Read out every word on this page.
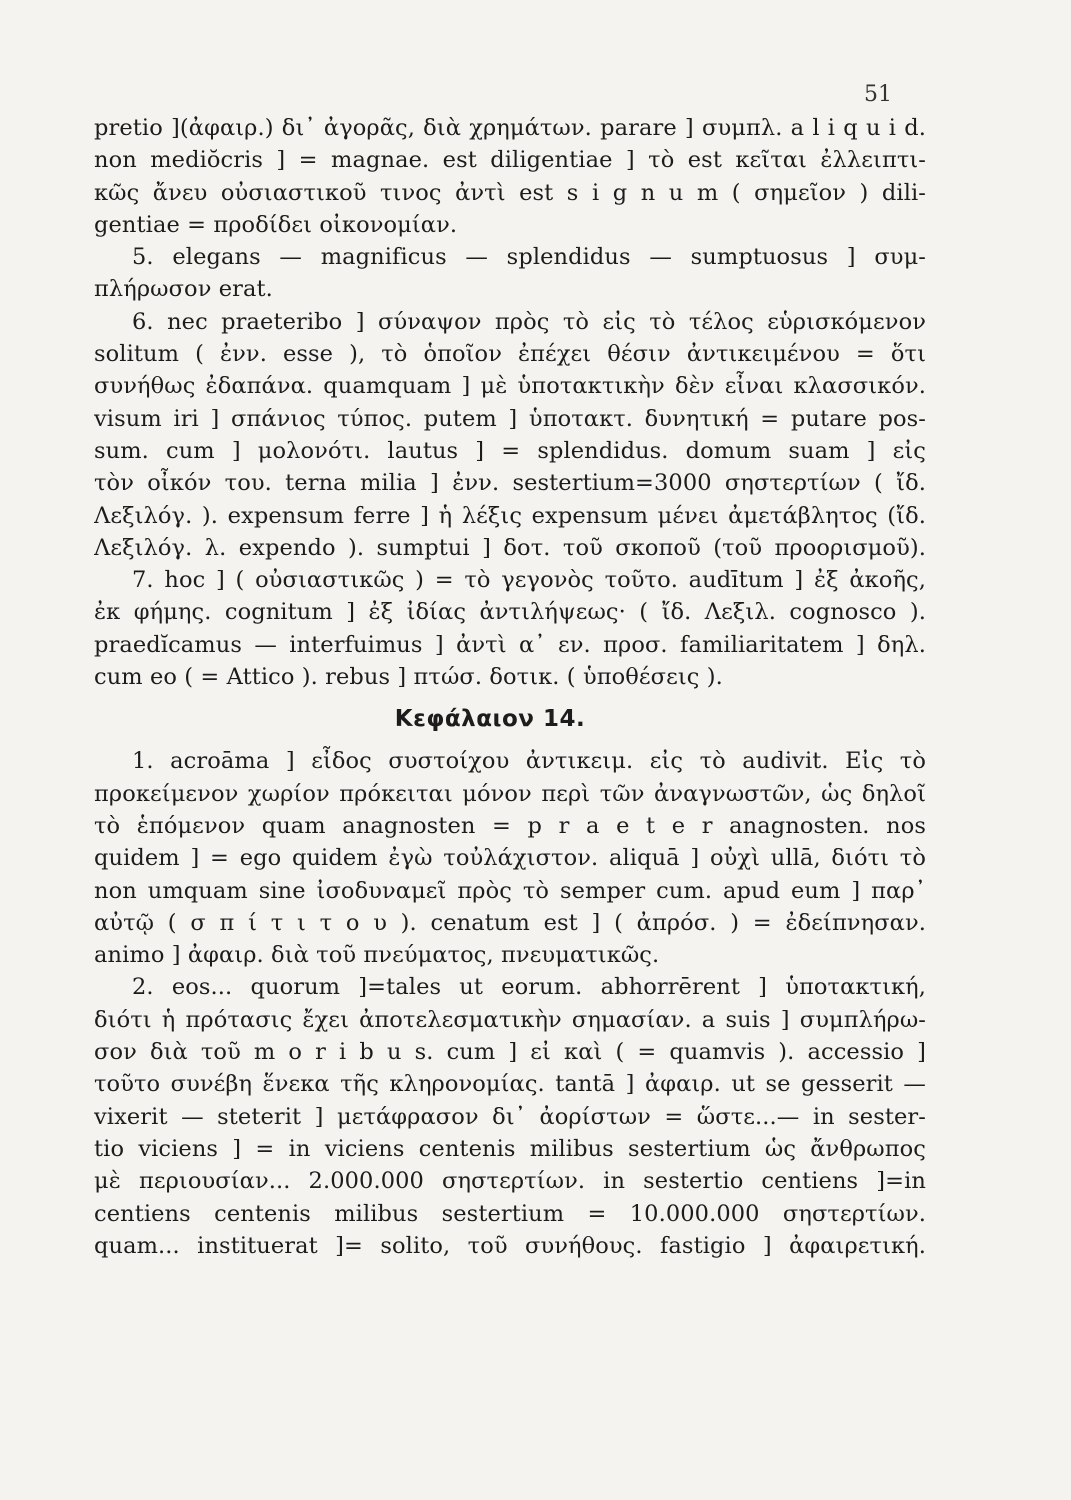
51
pretio ](ἀφαιρ.) δι᾽ ἀγορᾶς, διὰ χρημάτων. parare ] συμπλ. a l i q u i d.
non mediŏcris ] = magnae. est diligentiae ] τὸ est κεῖται ἐλλειπτι-
κῶς ἄνευ οὐσιαστικοῦ τινος ἀντὶ est s i g n u m ( σημεῖον ) dili-
gentiae = προδίδει οἰκονομίαν.
5. elegans — magnificus — splendidus — sumptuosus ] συμ-
πλήρωσον erat.
6. nec praeteribo ] σύναψον πρὸς τὸ εἰς τὸ τέλος εὑρισκόμενον
solitum ( ἐνν. esse ), τὸ ὁποῖον ἐπέχει θέσιν ἀντικειμένου = ὅτι
συνήθως ἐδαπάνα. quamquam ] μὲ ὑποτακτικὴν δὲν εἶναι κλασσικόν.
visum iri ] σπάνιος τύπος. putem ] ὑποτακτ. δυνητική = putare pos-
sum. cum ] μολονότι. lautus ] = splendidus. domum suam ] εἰς
τὸν οἶκόν του. terna milia ] ἐνν. sestertium=3000 σηστερτίων ( ἴδ.
Λεξιλόγ. ). expensum ferre ] ἡ λέξις expensum μένει ἀμετάβλητος (ἴδ.
Λεξιλόγ. λ. expendo ). sumptui ] δοτ. τοῦ σκοποῦ (τοῦ προορισμοῦ).
7. hoc ] ( οὐσιαστικῶς ) = τὸ γεγονὸς τοῦτο. audītum ] ἐξ ἀκοῆς,
ἐκ φήμης. cognitum ] ἐξ ἰδίας ἀντιλήψεως· ( ἴδ. Λεξιλ. cognosco ).
praedĭcamus — interfuimus ] ἀντὶ α᾽ εν. προσ. familiaritatem ] δηλ.
cum eo ( = Attico ). rebus ] πτώσ. δοτικ. ( ὑποθέσεις ).
Κεφάλαιον 14.
1. acroāma ] εἶδος συστοίχου ἀντικειμ. εἰς τὸ audivit. Εἰς τὸ
προκείμενον χωρίον πρόκειται μόνον περὶ τῶν ἀναγνωστῶν, ὡς δηλοῖ
τὸ ἑπόμενον quam anagnosten = p r a e t e r anagnosten. nos
quidem ] = ego quidem ἐγὼ τοὐλάχιστον. aliquā ] οὐχὶ ullā, διότι τὸ
non umquam sine ἰσοδυναμεῖ πρὸς τὸ semper cum. apud eum ] παρ᾽
αὐτῷ ( σ π ί τ ι τ ο υ ). cenatum est ] ( ἀπρόσ. ) = ἐδείπνησαν.
animo ] ἀφαιρ. διὰ τοῦ πνεύματος, πνευματικῶς.
2. eos... quorum ]=tales ut eorum. abhorrērent ] ὑποτακτική,
διότι ἡ πρότασις ἔχει ἀποτελεσματικὴν σημασίαν. a suis ] συμπλήρω-
σον διὰ τοῦ m o r i b u s. cum ] εἰ καὶ ( = quamvis ). accessio ]
τοῦτο συνέβη ἕνεκα τῆς κληρονομίας. tantā ] ἀφαιρ. ut se gesserit —
vixerit — steterit ] μετάφρασον δι᾽ ἀορίστων = ὥστε...— in sester-
tio viciens ] = in viciens centenis milibus sestertium ὡς ἄνθρωπος
μὲ περιουσίαν... 2.000.000 σηστερτίων. in sestertio centiens ]=in
centiens centenis milibus sestertium = 10.000.000 σηστερτίων.
quam... instituerat ]= solito, τοῦ συνήθους. fastigio ] ἀφαιρετική.
